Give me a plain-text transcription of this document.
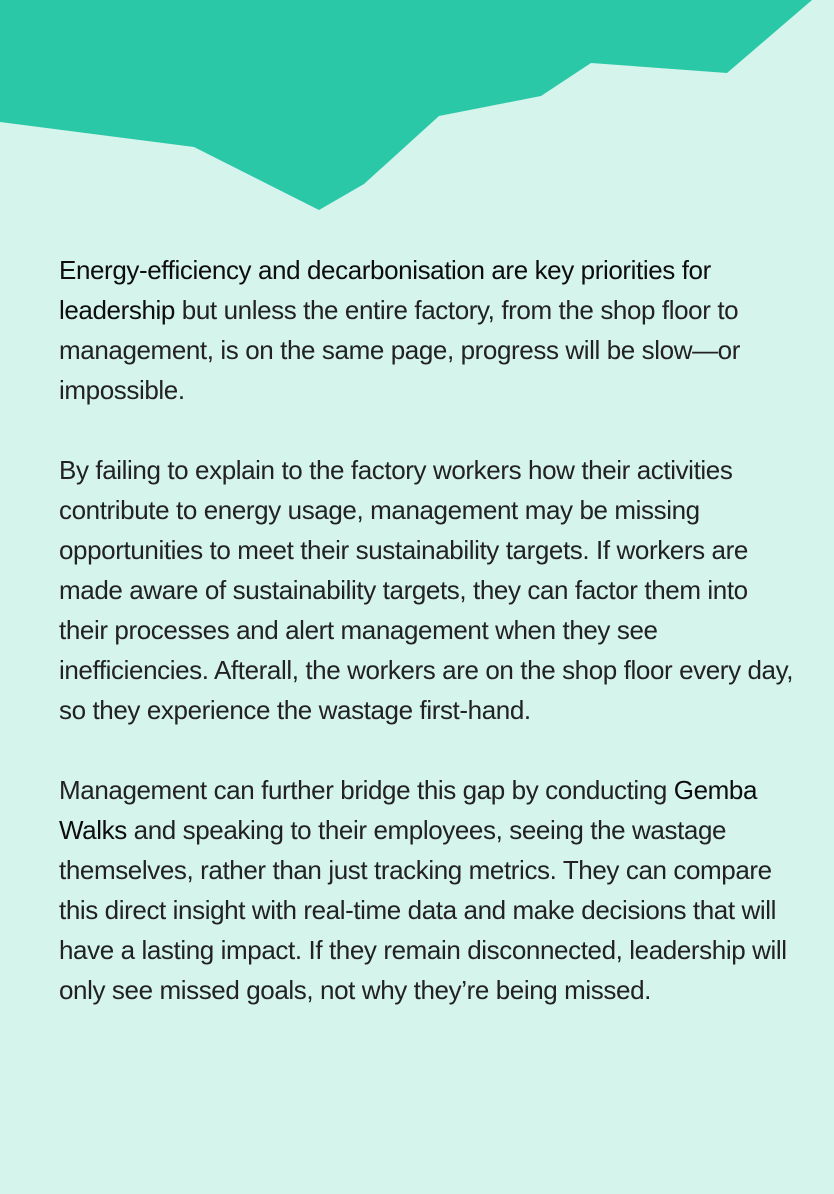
Energy-efficiency and decarbonisation are key priorities for leadership but unless the entire factory, from the shop floor to management, is on the same page, progress will be slow—or impossible.

By failing to explain to the factory workers how their activities contribute to energy usage, management may be missing opportunities to meet their sustainability targets. If workers are made aware of sustainability targets, they can factor them into their processes and alert management when they see inefficiencies. Afterall, the workers are on the shop floor every day, so they experience the wastage first-hand.

Management can further bridge this gap by conducting Gemba Walks and speaking to their employees, seeing the wastage themselves, rather than just tracking metrics. They can compare this direct insight with real-time data and make decisions that will have a lasting impact. If they remain disconnected, leadership will only see missed goals, not why they’re being missed.
